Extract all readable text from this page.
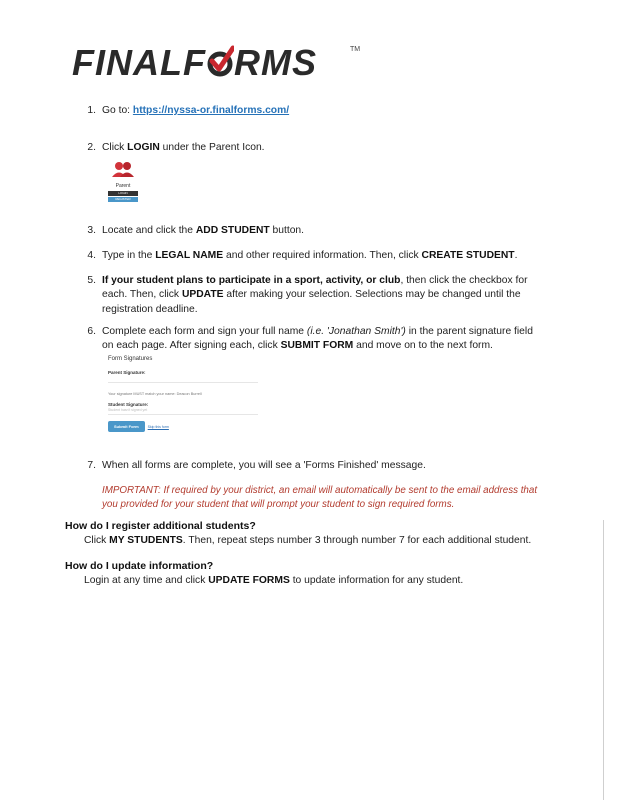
FINALF RMS	TM
1. Go to: https://nyssa-or.finalforms.com/
2. Click LOGIN under the Parent Icon.
Parent
LOGIN
REGISTER
3. Locate and click the ADD STUDENT button.
4. Type in the LEGAL NAME and other required information. Then, click CREATE STUDENT.
5. If your student plans to participate in a sport, activity, or club, then click the checkbox for each. Then, click UPDATE after making your selection. Selections may be changed until the registration deadline.
6. Complete each form and sign your full name (i.e. 'Jonathan Smith') in the parent signature field on each page. After signing each, click SUBMIT FORM and move on to the next form.
Form Signatures
Parent Signature:
Your signature MUST match your name: Deacon Burrell
Student Signature:
Student hasn't signed yet
Submit Form	Skip this form
7. When all forms are complete, you will see a 'Forms Finished' message.
IMPORTANT: If required by your district, an email will automatically be sent to the email address that you provided for your student that will prompt your student to sign required forms.
How do I register additional students?
Click MY STUDENTS. Then, repeat steps number 3 through number 7 for each additional student.
How do I update information?
Login at any time and click UPDATE FORMS to update information for any student.
